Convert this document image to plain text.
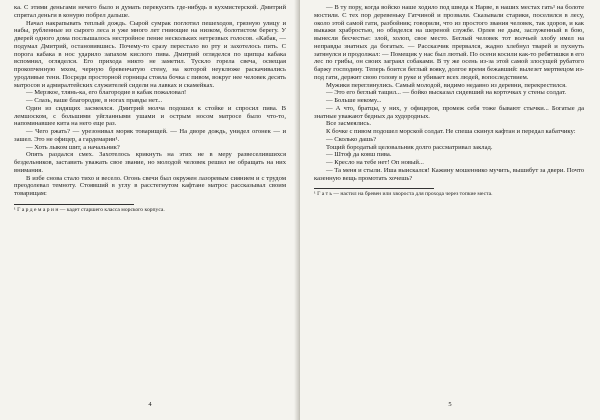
ка. С этими деньгами нечего было и думать перекусить где-нибудь в кухмистерской. Дмитрий спрятал деньги в конурю побрел дальше.

Начал накрапывать теплый дождь. Сырой сумрак поглотил пешеходов, грязную улицу и набы, рубленные из сырого леса и уже много лет гниющие на низком, болотистом берегу. У дверей одного дома послышалось нестройное пение нескольких нетрезвых голосов. «Кабак, — подумал Дмитрий, остановившись. Почему-то сразу перестало во рту и захотелось пить. С порога кабака в нос ударило запахом кислого пива. Дмитрий огляделся по щипцы кабака вспомнил, огляделся. Его прихода никто не заметил. Тускло горела свеча, освещая прокопченную мхом, черную бревенчатую стену, на которой неуклюже раскачивались уродливые тени. Посреди просторной горницы стояла бочка с пивом, вокруг нее человек десять матросов и адмиралтейских служителей сидели на лавках и скамейках.

— Мерзкое, тлянь-ка, его благородие в кабак пожаловал!

— Слазь, ваше благородие, в ногах правды нет...

Один из сидящих засмеялся. Дмитрий молча подошел к стойке и спросил пива. В лемшоском, с большими уйгланными ушами и острым носом матросе было что-то, напоминавшее кита на него еще раз.

— Чего ржать? — урезонивал моряк товарищей. — На дворе дождь, унидел огонек — и зашел. Это не офицер, а гардемарин¹.

— Хоть лыком шит, а начальник?

Опять раздался смех. Захотелось крикнуть на этих не в меру развеселившихся бездельников, заставить уважать свое звание, но молодой человек решил не обращать на них внимания.

В избе снова стало тихо и весело. Огонь свечи был окружен лазоревым сиянием и с трудом преодолевал темноту. Стоявший в углу в расстегнутом кафтане матрос рассказывал своим товарищам:

¹ Г а р д е м а р и н — кадет старшего класса морского корпуса.

4

— В ту пору, когда войско наше ходило под шведа к Нарве, в наших местах гать¹ на болоте мостили. С тех пор деревеньку Гатчиной и прозвали. Сказывали старики, поселился в лесу, около этой самой гати, разбойник; говорили, что из простого звания человек, так здоров, и как выкажи храбростью, но обиделся на шереной службе. Орлея не дым, заслуженный в бою, вынесли бесчестье: злой, холоп, свое место. Беглый человек тот волчьей злобу имел на неправды знатных да богатых. — Рассказчик прервался, жадно хлебнул тварей и пухнуть затянулся и продолжал: — Помещик у нас был лютый. По осени косили как-то ребятишки в его лес по грибы, он своих заграял собаками. В ту же осень из-за этой самой злосущей рубатого баржу господину. Теперь боится беглый вояку, долгое время бежавший: вылезет мертвецом из-под гати, держит свою голову в руке и убивает всех людей, вопоследствием.

Мужики переглянулись. Самый молодой, видимо недавно из деревни, перекрестился.

— Это его беглый тащил... — бойко высказал сидевший на корточках у стены солдат.

— Больше некому...

— А что, братцы, у них, у офицеров, промеж себя тоже бывают стычки... Богатые да знатные уважают бедных да худородных.

Все засмеялись.

К бочке с пивом подошел морской солдат. Не спеша скинул кафтан и передал кабатчику:

— Сколько дашь?

Тощий бородатый целовальник долго рассматривал заклад.

— Штоф да ковш пива.

— Кресло на тебе нет! Оп новый...

— Та меня и стыли. Иша выискался! Кажину мошеннико мучить, вышибут за двери. Почто казенную вещь промотать хочешь?

¹ Г а т ь — настил на бревен или хвороста для прохода через топкие места.

5
